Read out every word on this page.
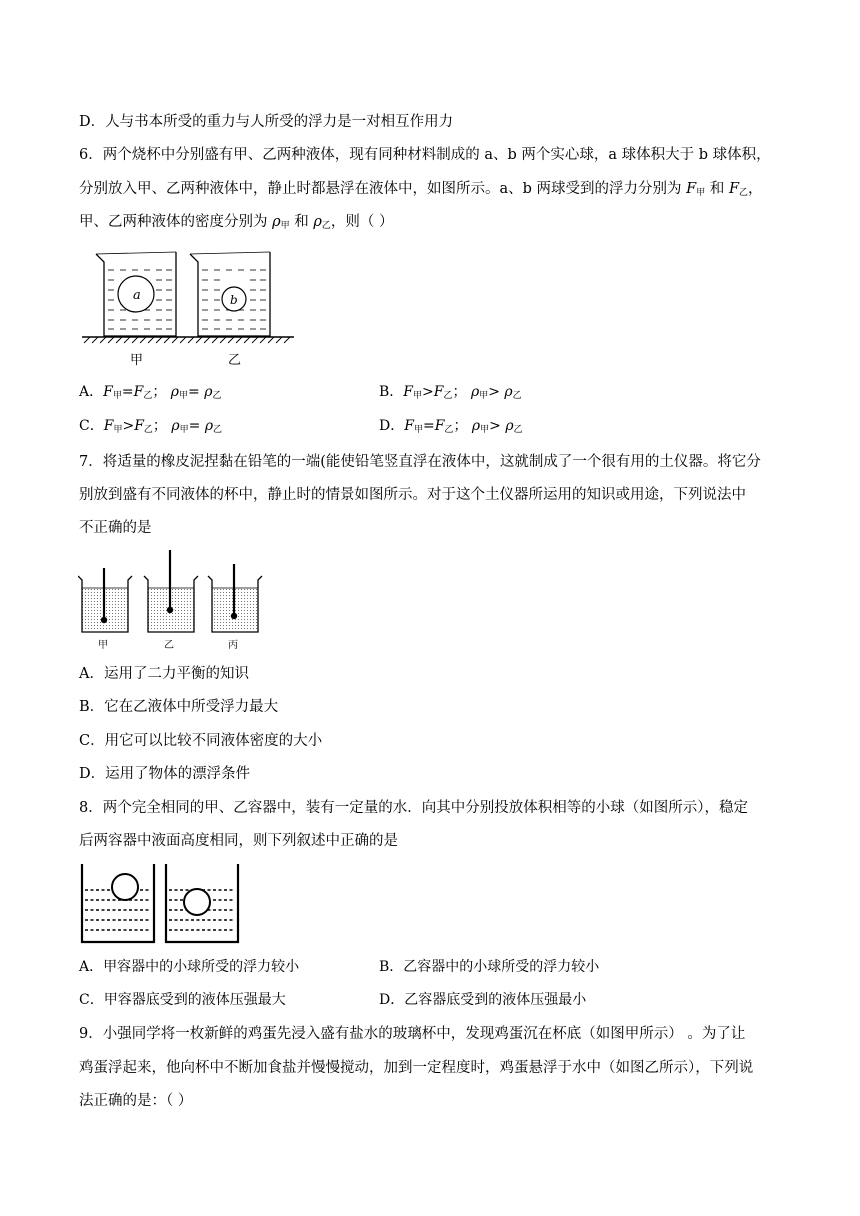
D．人与书本所受的重力与人所受的浮力是一对相互作用力
6．两个烧杯中分别盛有甲、乙两种液体，现有同种材料制成的 a、b 两个实心球，a 球体积大于 b 球体积，
分别放入甲、乙两种液体中，静止时都悬浮在液体中，如图所示。a、b 两球受到的浮力分别为 $F_甲$ 和 $F_乙$，
甲、乙两种液体的密度分别为 $\rho_甲$ 和 $\rho_乙$，则（ ）
a	b
甲	乙
A．$F_甲=F_乙$； $\rho_甲= \rho_乙$	B．$F_甲>F_乙$； $\rho_甲> \rho_乙$
C．$F_甲>F_乙$； $\rho_甲= \rho_乙$	D．$F_甲=F_乙$； $\rho_甲> \rho_乙$
7．将适量的橡皮泥捏黏在铅笔的一端(能使铅笔竖直浮在液体中，这就制成了一个很有用的土仪器。将它分
别放到盛有不同液体的杯中，静止时的情景如图所示。对于这个土仪器所运用的知识或用途，下列说法中
不正确的是
甲	乙	丙
A．运用了二力平衡的知识
B．它在乙液体中所受浮力最大
C．用它可以比较不同液体密度的大小
D．运用了物体的漂浮条件
8．两个完全相同的甲、乙容器中，装有一定量的水．向其中分别投放体积相等的小球（如图所示），稳定
后两容器中液面高度相同，则下列叙述中正确的是
A．甲容器中的小球所受的浮力较小	B．乙容器中的小球所受的浮力较小
C．甲容器底受到的液体压强最大	D．乙容器底受到的液体压强最小
9．小强同学将一枚新鲜的鸡蛋先浸入盛有盐水的玻璃杯中，发现鸡蛋沉在杯底（如图甲所示） 。为了让
鸡蛋浮起来，他向杯中不断加食盐并慢慢搅动，加到一定程度时，鸡蛋悬浮于水中（如图乙所示），下列说
法正确的是：（ ）
